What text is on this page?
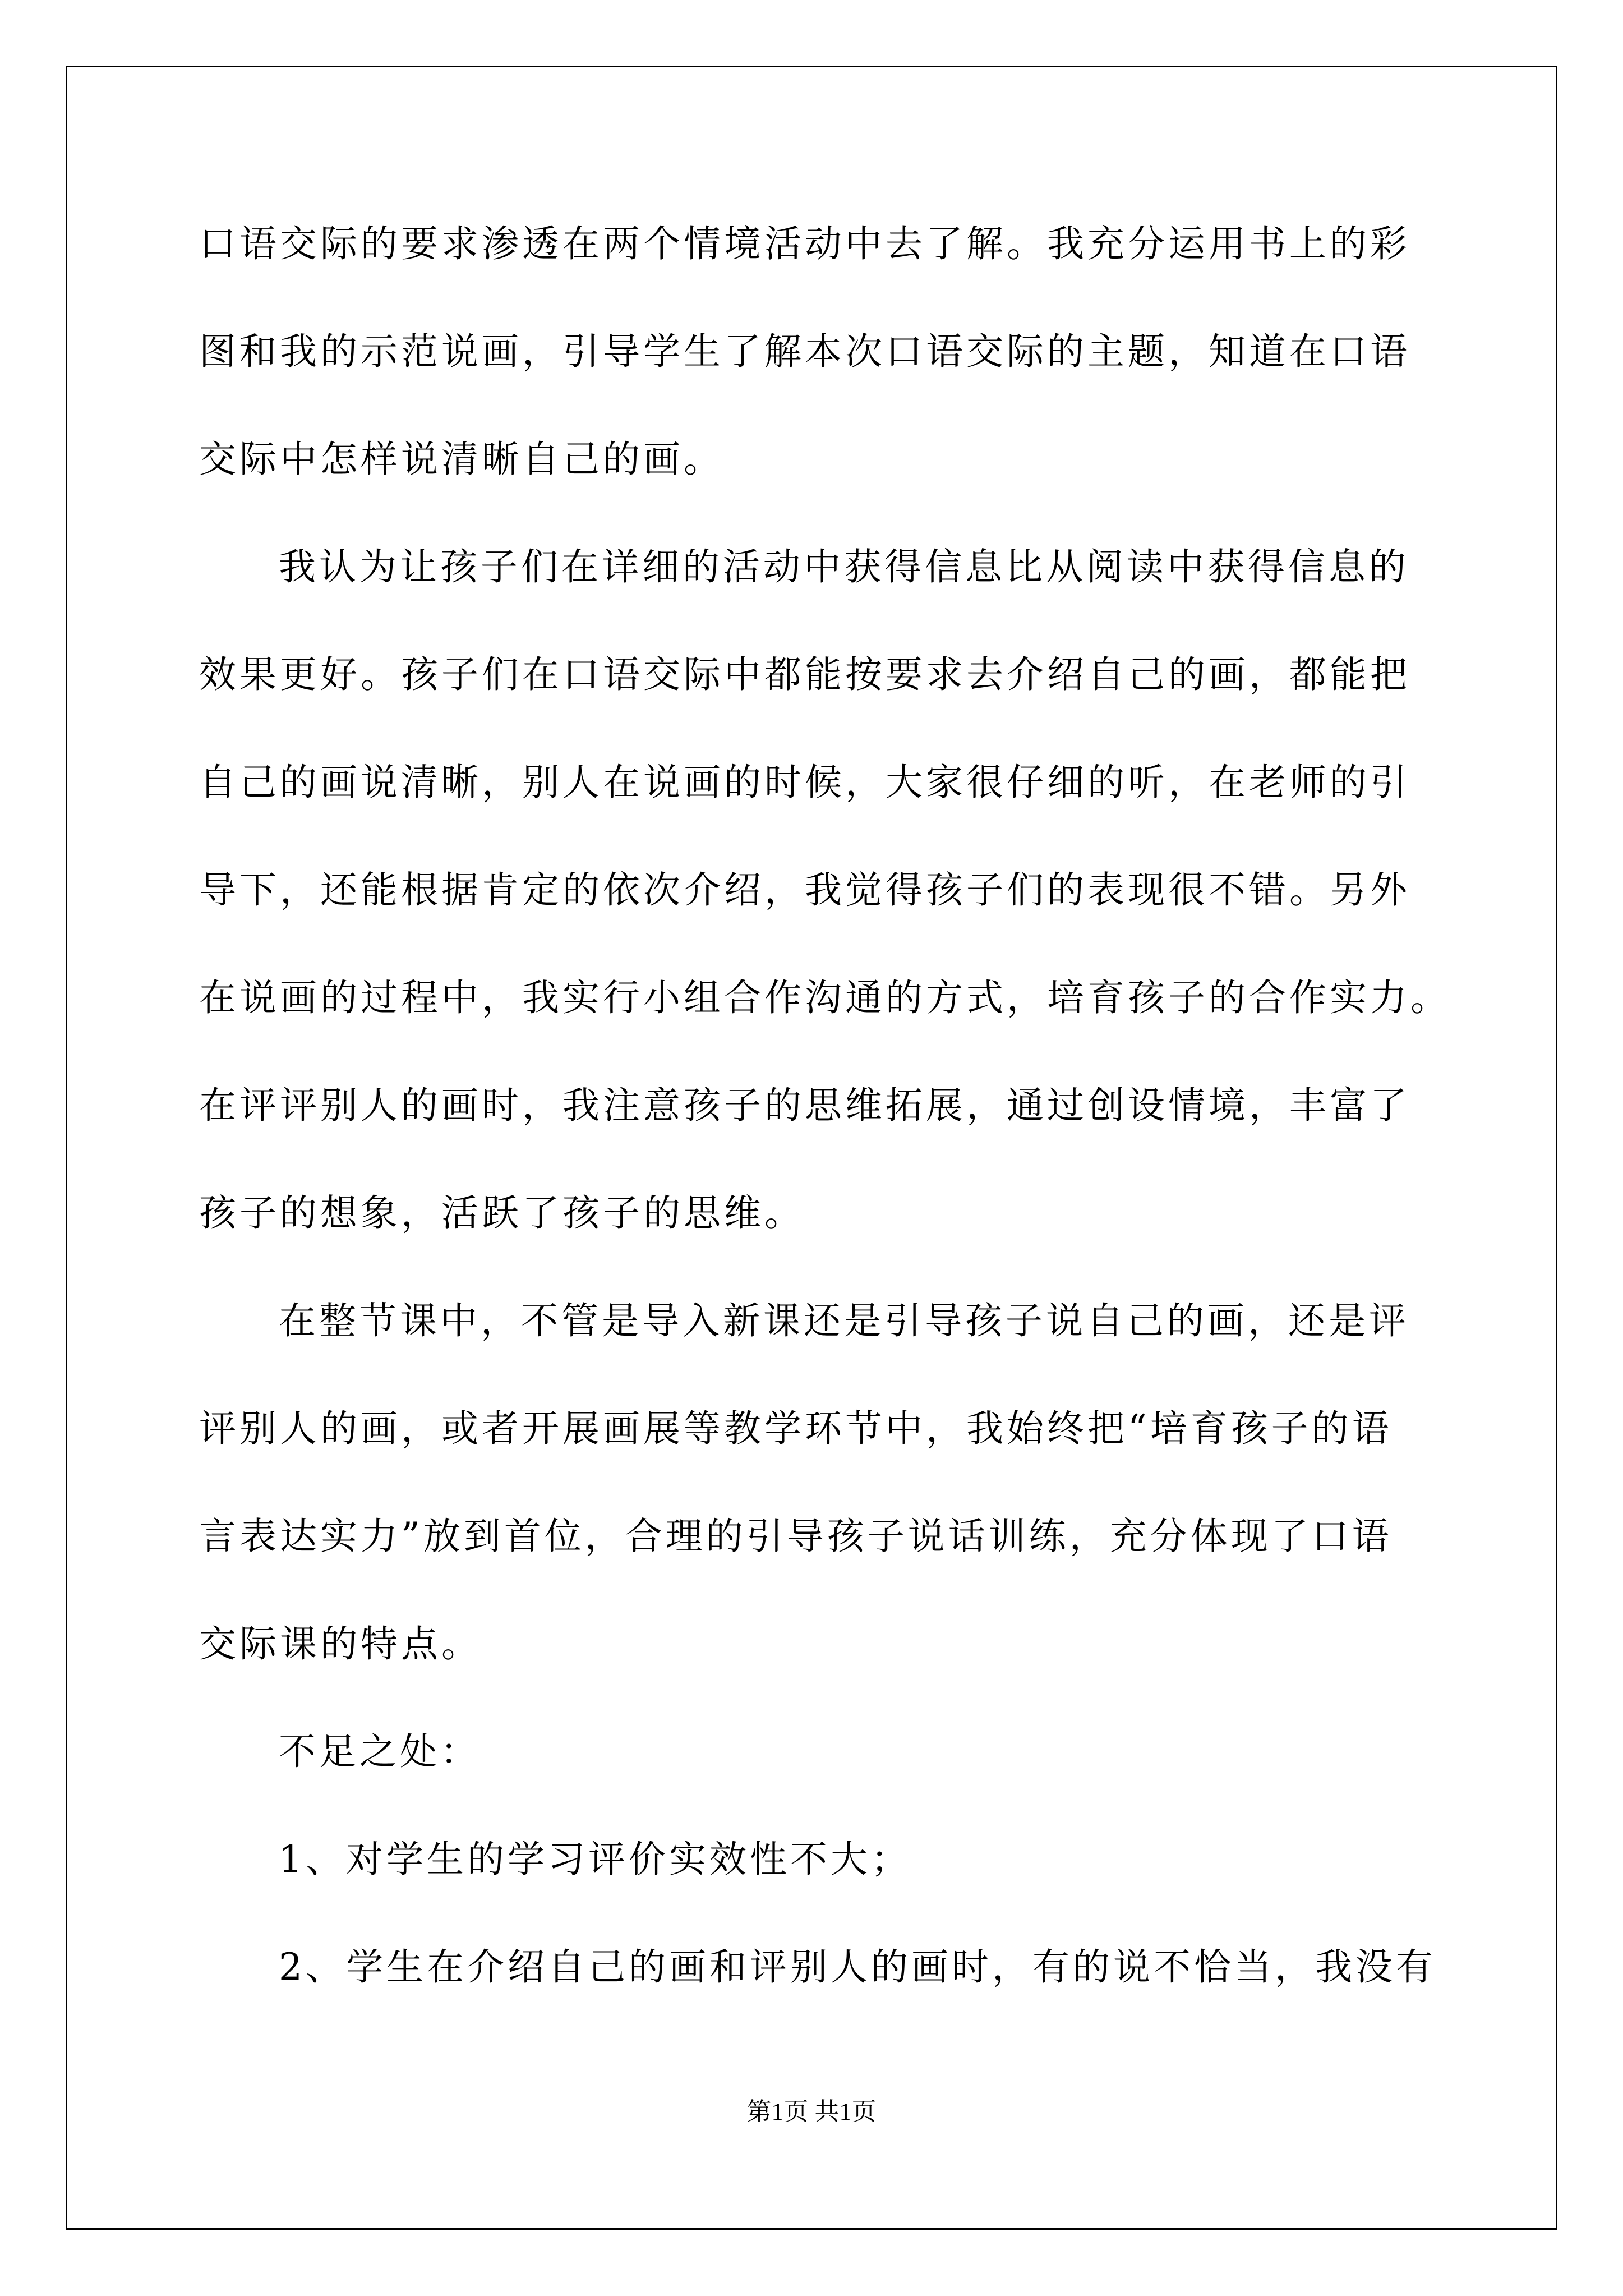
口语交际的要求渗透在两个情境活动中去了解。我充分运用书上的彩
图和我的示范说画，引导学生了解本次口语交际的主题，知道在口语
交际中怎样说清晰自己的画。
我认为让孩子们在详细的活动中获得信息比从阅读中获得信息的
效果更好。孩子们在口语交际中都能按要求去介绍自己的画，都能把
自己的画说清晰，别人在说画的时候，大家很仔细的听，在老师的引
导下，还能根据肯定的依次介绍，我觉得孩子们的表现很不错。另外
在说画的过程中，我实行小组合作沟通的方式，培育孩子的合作实力。
在评评别人的画时，我注意孩子的思维拓展，通过创设情境，丰富了
孩子的想象，活跃了孩子的思维。
在整节课中，不管是导入新课还是引导孩子说自己的画，还是评
评别人的画，或者开展画展等教学环节中，我始终把“培育孩子的语
言表达实力”放到首位，合理的引导孩子说话训练，充分体现了口语
交际课的特点。
不足之处：
1、对学生的学习评价实效性不大；
2、学生在介绍自己的画和评别人的画时，有的说不恰当，我没有
第1页 共1页
